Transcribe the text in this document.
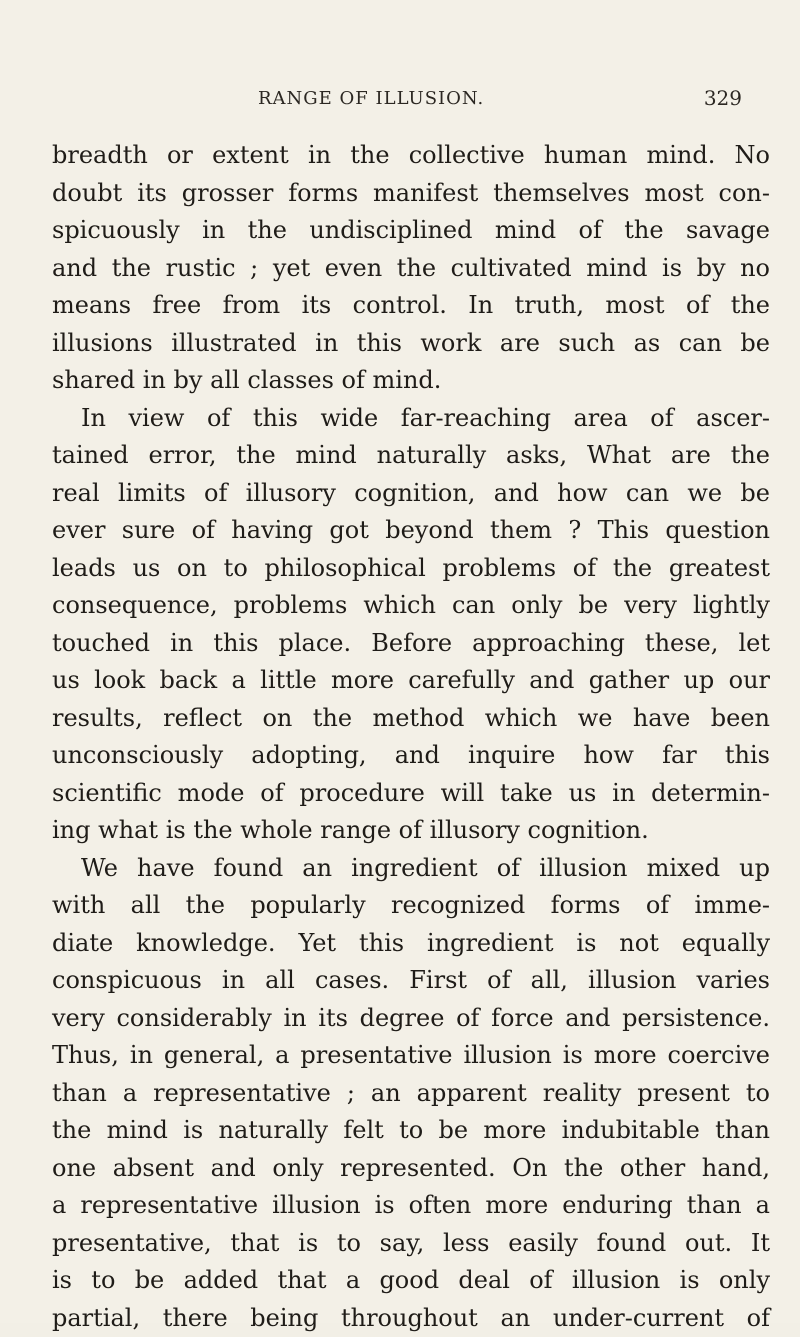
RANGE OF ILLUSION.	329
breadth or extent in the collective human mind. No
doubt its grosser forms manifest themselves most con-
spicuously in the undisciplined mind of the savage
and the rustic ; yet even the cultivated mind is by no
means free from its control. In truth, most of the
illusions illustrated in this work are such as can be
shared in by all classes of mind.
In view of this wide far-reaching area of ascer-
tained error, the mind naturally asks, What are the
real limits of illusory cognition, and how can we be
ever sure of having got beyond them ? This question
leads us on to philosophical problems of the greatest
consequence, problems which can only be very lightly
touched in this place. Before approaching these, let
us look back a little more carefully and gather up our
results, reflect on the method which we have been
unconsciously adopting, and inquire how far this
scientific mode of procedure will take us in determin-
ing what is the whole range of illusory cognition.
We have found an ingredient of illusion mixed up
with all the popularly recognized forms of imme-
diate knowledge. Yet this ingredient is not equally
conspicuous in all cases. First of all, illusion varies
very considerably in its degree of force and persistence.
Thus, in general, a presentative illusion is more coercive
than a representative ; an apparent reality present to
the mind is naturally felt to be more indubitable than
one absent and only represented. On the other hand,
a representative illusion is often more enduring than a
presentative, that is to say, less easily found out. It
is to be added that a good deal of illusion is only
partial, there being throughout an under-current of
